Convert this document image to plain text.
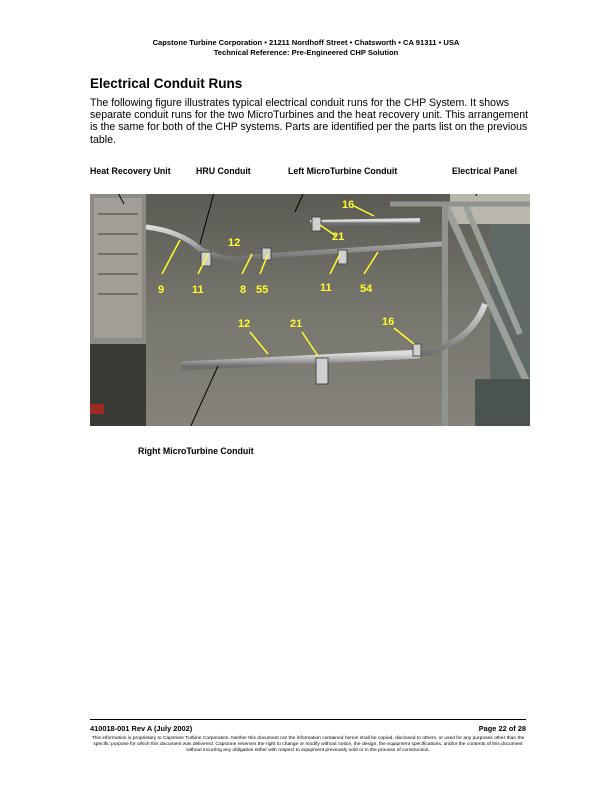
Capstone Turbine Corporation • 21211 Nordhoff Street • Chatsworth • CA 91311 • USA
Technical Reference: Pre-Engineered CHP Solution
Electrical Conduit Runs
The following figure illustrates typical electrical conduit runs for the CHP System. It shows separate conduit runs for the two MicroTurbines and the heat recovery unit. This arrangement is the same for both of the CHP systems. Parts are identified per the parts list on the previous table.
Heat Recovery Unit	HRU Conduit	Left MicroTurbine Conduit	Electrical Panel
16
21
12
9	11	8 55	11	54
12	21	16
Right MicroTurbine Conduit
410018-001 Rev A (July 2002)	Page 22 of 28
This information is proprietary to Capstone Turbine Corporation. Neither this document nor the information contained herein shall be copied, disclosed to others, or used for any purposes other than the specific purpose for which this document was delivered. Capstone reserves the right to change or modify without notice, the design, the equipment specifications, and/or the contents of this document without incurring any obligation either with respect to equipment previously sold or in the process of construction.
